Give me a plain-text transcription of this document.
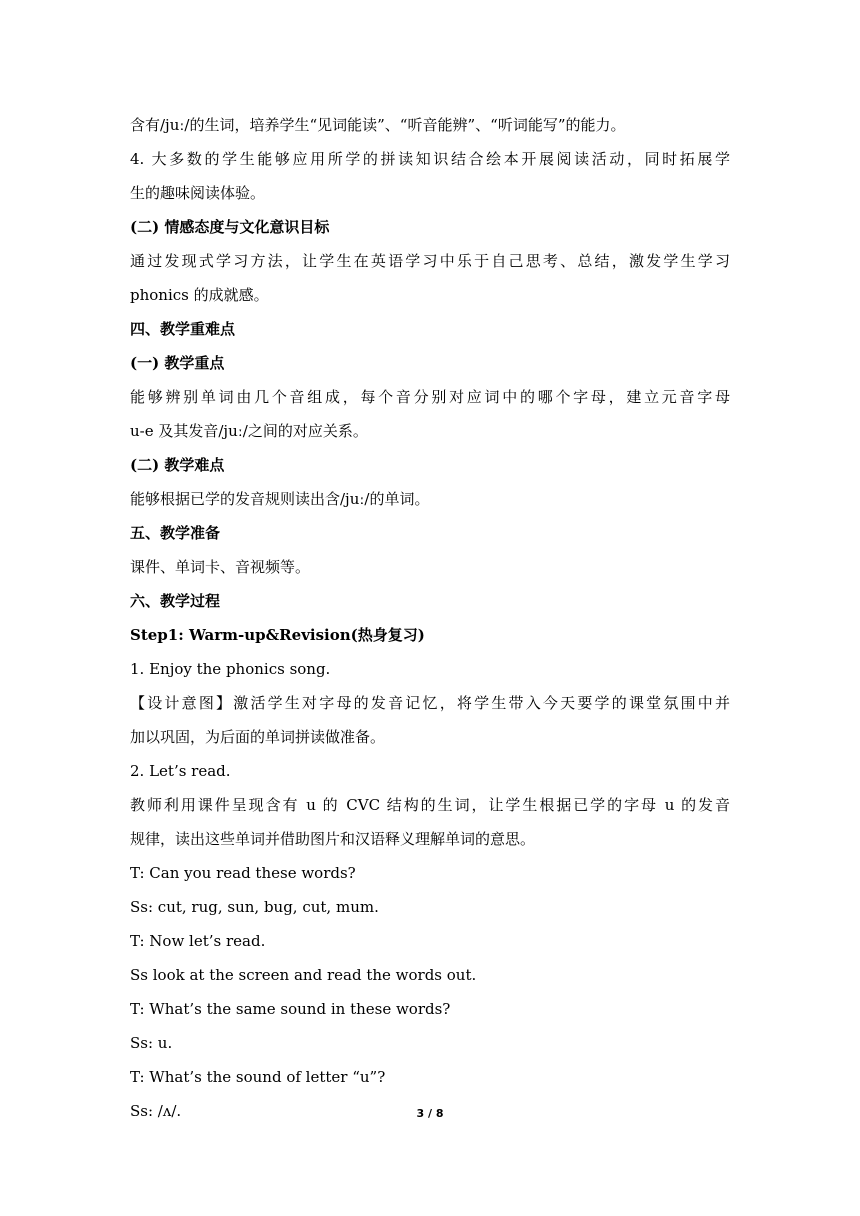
含有/juː/的生词，培养学生“见词能读”、“听音能辨”、“听词能写”的能力。
4. 大多数的学生能够应用所学的拼读知识结合绘本开展阅读活动，同时拓展学
生的趣味阅读体验。
(二) 情感态度与文化意识目标
通过发现式学习方法，让学生在英语学习中乐于自己思考、总结，激发学生学习
phonics 的成就感。
四、教学重难点
(一) 教学重点
能够辨别单词由几个音组成，每个音分别对应词中的哪个字母，建立元音字母
u-e 及其发音/juː/之间的对应关系。
(二) 教学难点
能够根据已学的发音规则读出含/juː/的单词。
五、教学准备
课件、单词卡、音视频等。
六、教学过程
Step1: Warm-up&Revision(热身复习)
1. Enjoy the phonics song.
【设计意图】激活学生对字母的发音记忆，将学生带入今天要学的课堂氛围中并
加以巩固，为后面的单词拼读做准备。
2. Let’s read.
教师利用课件呈现含有 u 的 CVC 结构的生词，让学生根据已学的字母 u 的发音
规律，读出这些单词并借助图片和汉语释义理解单词的意思。
T: Can you read these words?
Ss: cut, rug, sun, bug, cut, mum.
T: Now let’s read.
Ss look at the screen and read the words out.
T: What’s the same sound in these words?
Ss: u.
T: What’s the sound of letter “u”?
Ss: /ʌ/.	3 / 8
